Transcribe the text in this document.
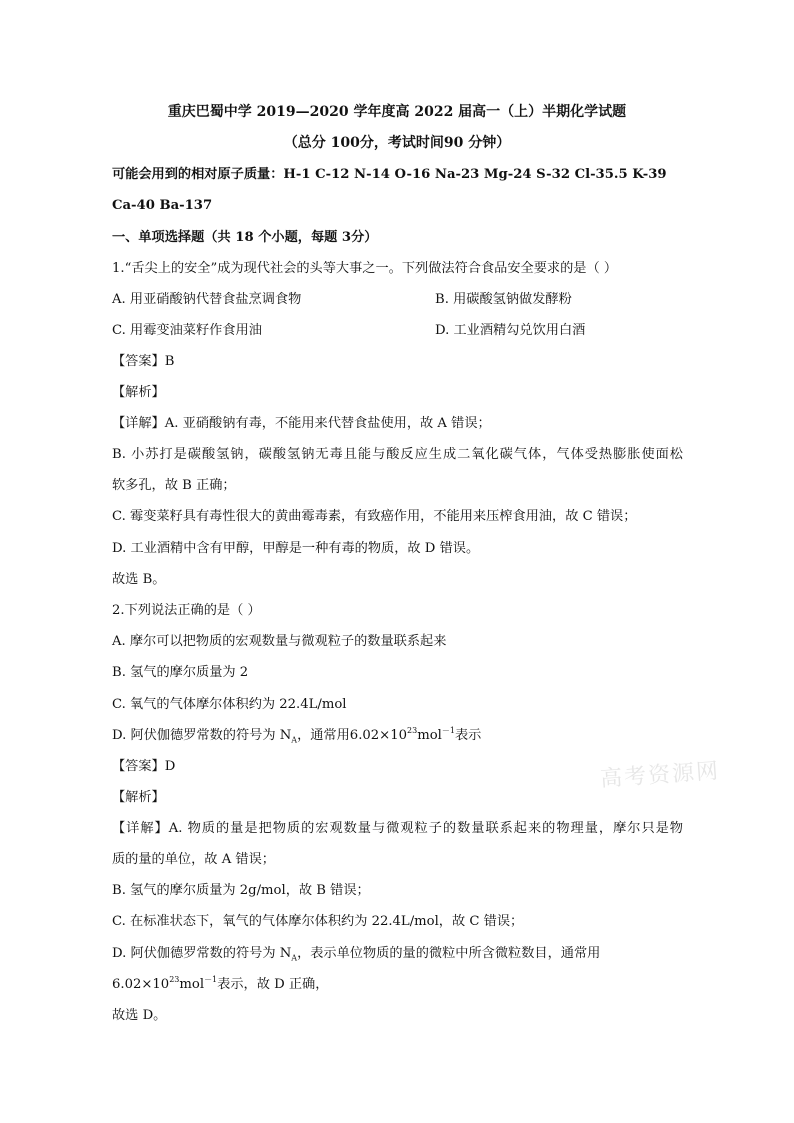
重庆巴蜀中学 2019—2020 学年度高 2022 届高一（上）半期化学试题
（总分 100分，考试时间90 分钟）
可能会用到的相对原子质量：H-1 C-12 N-14 O-16 Na-23 Mg-24 S-32 Cl-35.5 K-39
Ca-40 Ba-137
一、单项选择题（共 18 个小题，每题 3分）
1.“舌尖上的安全”成为现代社会的头等大事之一。下列做法符合食品安全要求的是（ ）
A. 用亚硝酸钠代替食盐烹调食物	B. 用碳酸氢钠做发酵粉
C. 用霉变油菜籽作食用油	D. 工业酒精勾兑饮用白酒
【答案】B
【解析】
【详解】A. 亚硝酸钠有毒，不能用来代替食盐使用，故 A 错误；
B. 小苏打是碳酸氢钠，碳酸氢钠无毒且能与酸反应生成二氧化碳气体，气体受热膨胀使面松
软多孔，故 B 正确；
C. 霉变菜籽具有毒性很大的黄曲霉毒素，有致癌作用，不能用来压榨食用油，故 C 错误；
D. 工业酒精中含有甲醇，甲醇是一种有毒的物质，故 D 错误。
故选 B。
2.下列说法正确的是（ ）
A. 摩尔可以把物质的宏观数量与微观粒子的数量联系起来
B. 氢气的摩尔质量为 2
C. 氧气的气体摩尔体积约为 22.4L/mol
D. 阿伏伽德罗常数的符号为 $N_A$，通常用$6.02\times 10^{23}mol^{-1}$表示
【答案】D
【解析】
【详解】A. 物质的量是把物质的宏观数量与微观粒子的数量联系起来的物理量，摩尔只是物
质的量的单位，故 A 错误；
B. 氢气的摩尔质量为 2g/mol，故 B 错误；
C. 在标准状态下，氧气的气体摩尔体积约为 22.4L/mol，故 C 错误；
D. 阿伏伽德罗常数的符号为 $N_A$，表示单位物质的量的微粒中所含微粒数目，通常用
$6.02\times 10^{23}mol^{-1}$表示，故 D 正确，
故选 D。
高考资源网
